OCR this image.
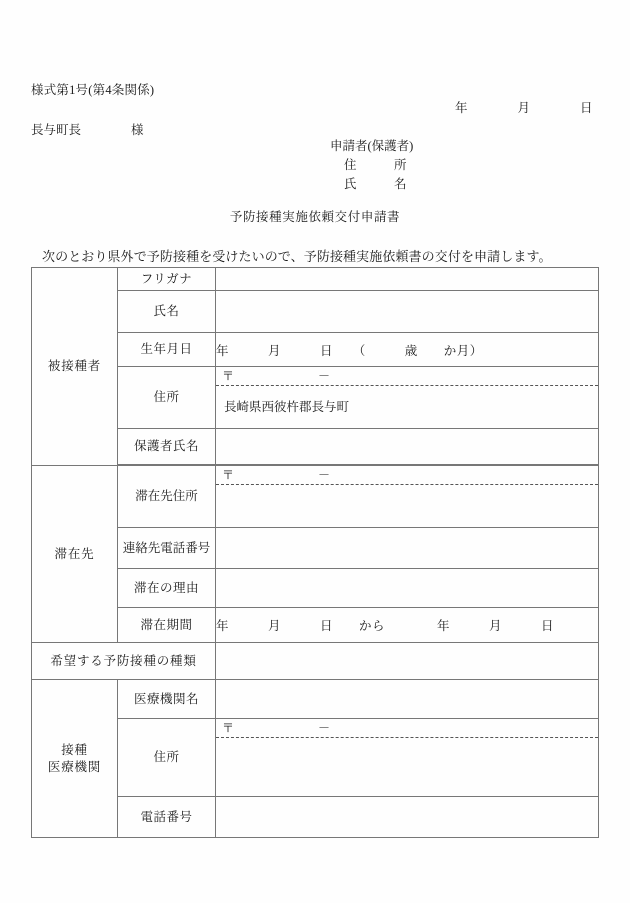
様式第1号(第4条関係)
年　　　　月　　　　日
長与町長　　　　様
申請者(保護者)
住　　　所
氏　　　名
予防接種実施依頼交付申請書
次のとおり県外で予防接種を受けたいので、予防接種実施依頼書の交付を申請します。
被接種者	フリガナ	
	氏名	
	生年月日	年　　　月　　　日　　（　　　歳　　か月）
	住所	〒　　　　　　　－
長崎県西彼杵郡長与町

	保護者氏名	

滞在先	滞在先住所	〒　　　　　　　－

	連絡先電話番号	
	滞在の理由	
	滞在期間	年　　　月　　　日　　から　　　　年　　　月　　　日
希望する予防接種の種類		
接種
医療機関	医療機関名	
	住所	〒　　　　　　　－

	電話番号	
